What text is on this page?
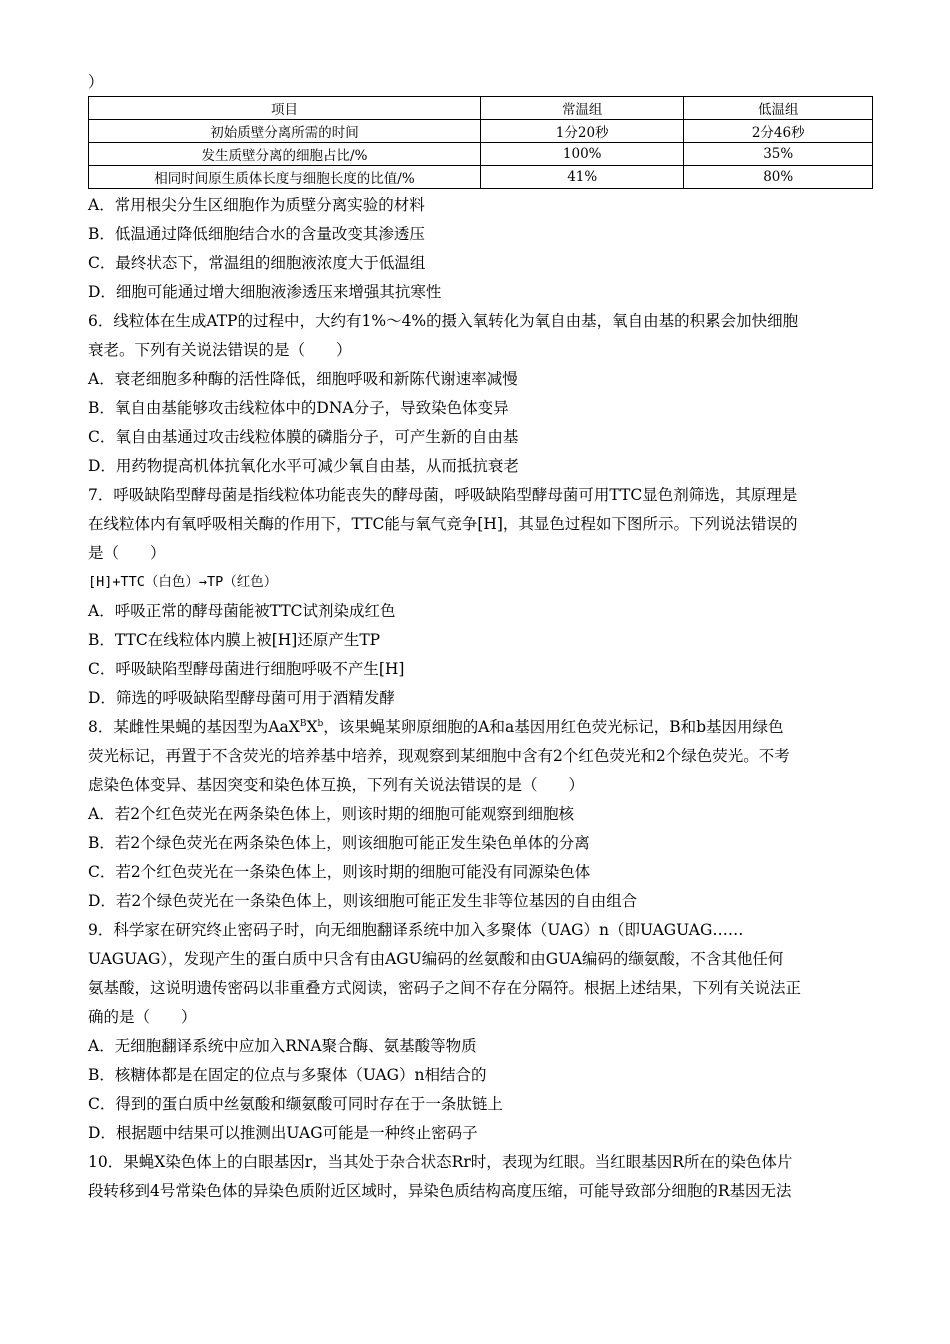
）
项目	常温组	低温组
初始质壁分离所需的时间	1分20秒	2分46秒
发生质壁分离的细胞占比/%	100%	35%
相同时间原生质体长度与细胞长度的比值/%	41%	80%
A．常用根尖分生区细胞作为质壁分离实验的材料
B．低温通过降低细胞结合水的含量改变其渗透压
C．最终状态下，常温组的细胞液浓度大于低温组
D．细胞可能通过增大细胞液渗透压来增强其抗寒性
6．线粒体在生成ATP的过程中，大约有1%～4%的摄入氧转化为氧自由基，氧自由基的积累会加快细胞
衰老。下列有关说法错误的是（　　）
A．衰老细胞多种酶的活性降低，细胞呼吸和新陈代谢速率减慢
B．氧自由基能够攻击线粒体中的DNA分子，导致染色体变异
C．氧自由基通过攻击线粒体膜的磷脂分子，可产生新的自由基
D．用药物提高机体抗氧化水平可减少氧自由基，从而抵抗衰老
7．呼吸缺陷型酵母菌是指线粒体功能丧失的酵母菌，呼吸缺陷型酵母菌可用TTC显色剂筛选，其原理是
在线粒体内有氧呼吸相关酶的作用下，TTC能与氧气竞争[H]，其显色过程如下图所示。下列说法错误的
是（　　）
[H]+TTC（白色）→TP（红色）
A．呼吸正常的酵母菌能被TTC试剂染成红色
B．TTC在线粒体内膜上被[H]还原产生TP
C．呼吸缺陷型酵母菌进行细胞呼吸不产生[H]
D．筛选的呼吸缺陷型酵母菌可用于酒精发酵
8．某雌性果蝇的基因型为$AaX^BX^b$，该果蝇某卵原细胞的A和a基因用红色荧光标记，B和b基因用绿色
荧光标记，再置于不含荧光的培养基中培养，现观察到某细胞中含有2个红色荧光和2个绿色荧光。不考
虑染色体变异、基因突变和染色体互换，下列有关说法错误的是（　　）
A．若2个红色荧光在两条染色体上，则该时期的细胞可能观察到细胞核
B．若2个绿色荧光在两条染色体上，则该细胞可能正发生染色单体的分离
C．若2个红色荧光在一条染色体上，则该时期的细胞可能没有同源染色体
D．若2个绿色荧光在一条染色体上，则该细胞可能正发生非等位基因的自由组合
9．科学家在研究终止密码子时，向无细胞翻译系统中加入多聚体（UAG）n（即UAGUAG……
UAGUAG），发现产生的蛋白质中只含有由AGU编码的丝氨酸和由GUA编码的缬氨酸，不含其他任何
氨基酸，这说明遗传密码以非重叠方式阅读，密码子之间不存在分隔符。根据上述结果，下列有关说法正
确的是（　　）
A．无细胞翻译系统中应加入RNA聚合酶、氨基酸等物质
B．核糖体都是在固定的位点与多聚体（UAG）n相结合的
C．得到的蛋白质中丝氨酸和缬氨酸可同时存在于一条肽链上
D．根据题中结果可以推测出UAG可能是一种终止密码子
10．果蝇X染色体上的白眼基因r，当其处于杂合状态Rr时，表现为红眼。当红眼基因R所在的染色体片
段转移到4号常染色体的异染色质附近区域时，异染色质结构高度压缩，可能导致部分细胞的R基因无法
